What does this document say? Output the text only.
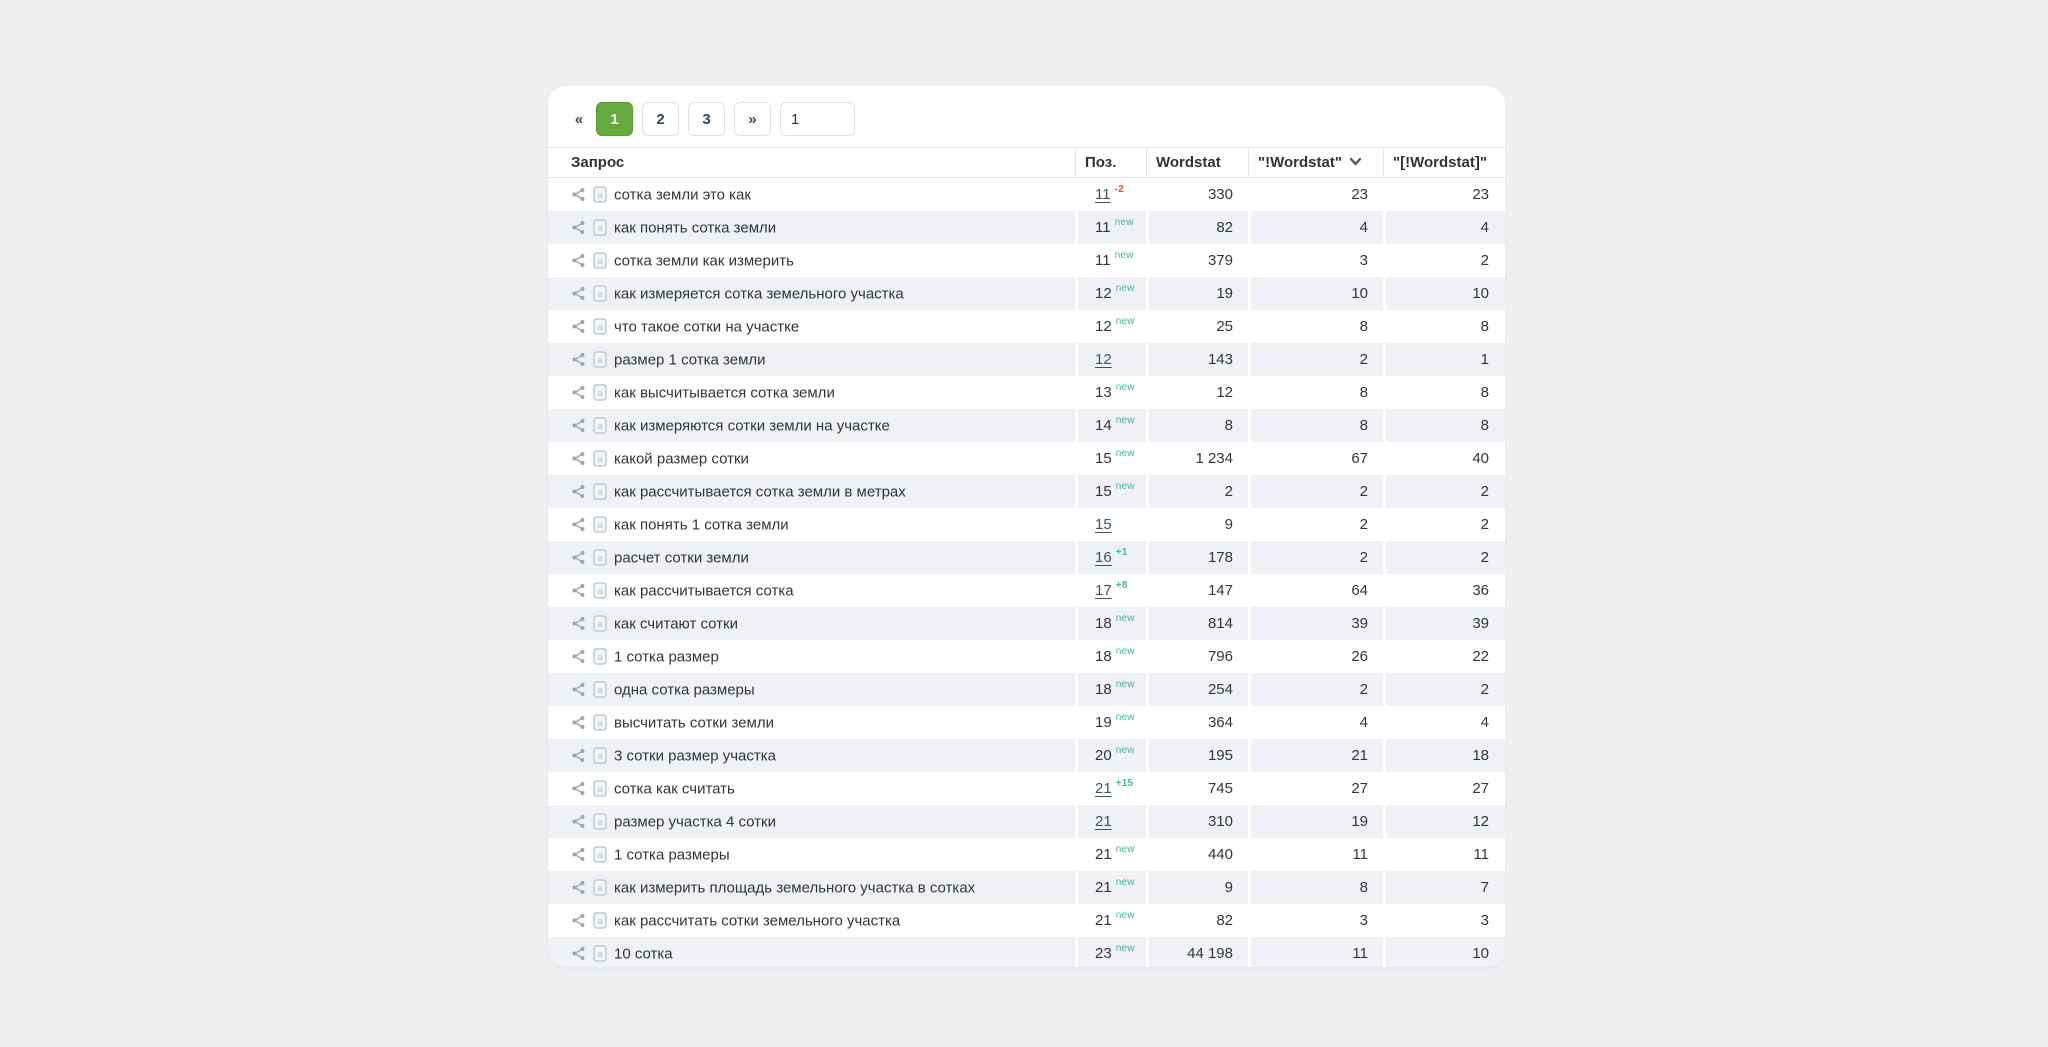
«	1	2	3	»
1
Запрос	Поз.	Wordstat	"!Wordstat"	"[!Wordstat]"

a сотка земли это как	11 $^{-2}$	330	23	23

a как понять сотка земли	11 $^{new}$	82	4	4

a сотка земли как измерить	11 $^{new}$	379	3	2

a как измеряется сотка земельного участка	12 $^{new}$	19	10	10

a что такое сотки на участке	12 $^{new}$	25	8	8

a размер 1 сотка земли	12	143	2	1

a как высчитывается сотка земли	13 $^{new}$	12	8	8

a как измеряются сотки земли на участке	14 $^{new}$	8	8	8

a какой размер сотки	15 $^{new}$	1 234	67	40

a как рассчитывается сотка земли в метрах	15 $^{new}$	2	2	2

a как понять 1 сотка земли	15	9	2	2

a расчет сотки земли	16 $^{+1}$	178	2	2

a как рассчитывается сотка	17 $^{+8}$	147	64	36

a как считают сотки	18 $^{new}$	814	39	39

a 1 сотка размер	18 $^{new}$	796	26	22

a одна сотка размеры	18 $^{new}$	254	2	2

a высчитать сотки земли	19 $^{new}$	364	4	4

a 3 сотки размер участка	20 $^{new}$	195	21	18

a сотка как считать	21 $^{+15}$	745	27	27

a размер участка 4 сотки	21	310	19	12

a 1 сотка размеры	21 $^{new}$	440	11	11

a как измерить площадь земельного участка в сотках	21 $^{new}$	9	8	7

a как рассчитать сотки земельного участка	21 $^{new}$	82	3	3

a 10 сотка	23 $^{new}$	44 198	11	10
